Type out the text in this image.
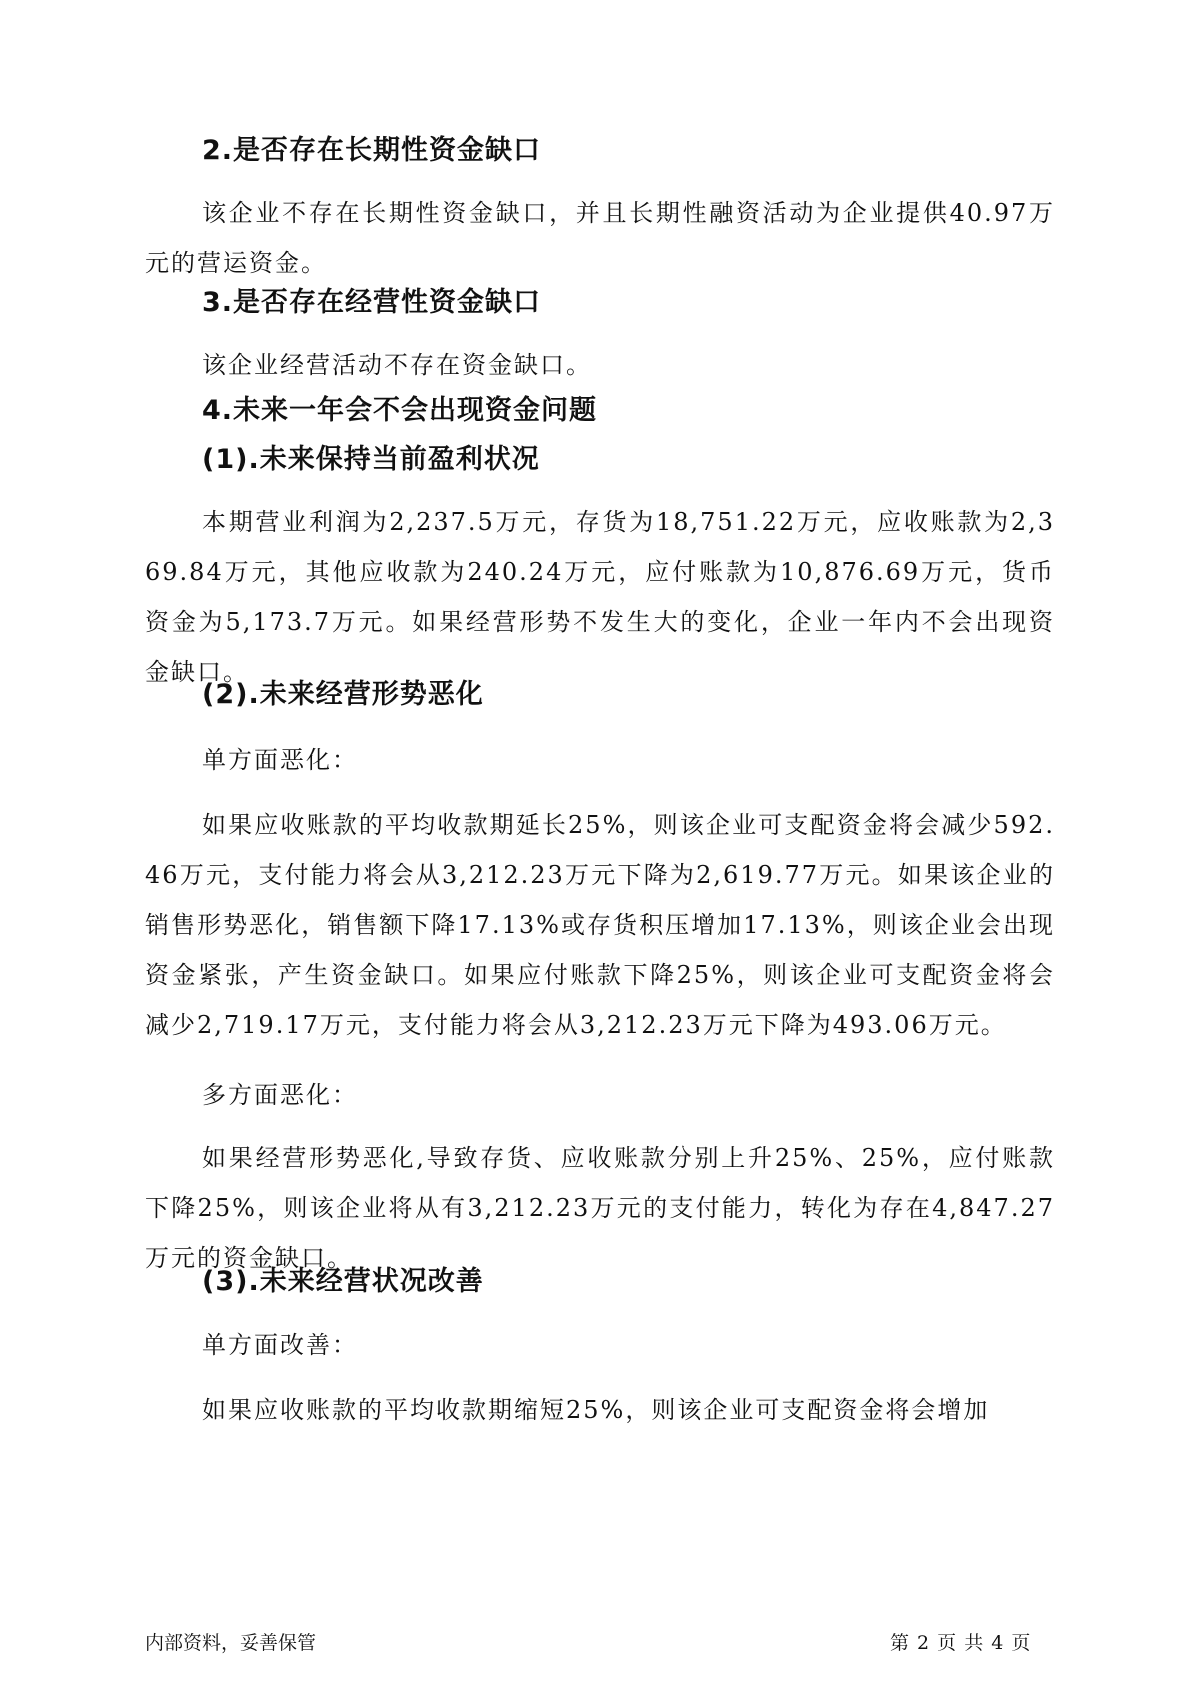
2.是否存在长期性资金缺口
该企业不存在长期性资金缺口，并且长期性融资活动为企业提供40.97万元的营运资金。
3.是否存在经营性资金缺口
该企业经营活动不存在资金缺口。
4.未来一年会不会出现资金问题
(1).未来保持当前盈利状况
本期营业利润为2,237.5万元，存货为18,751.22万元，应收账款为2,369.84万元，其他应收款为240.24万元，应付账款为10,876.69万元，货币资金为5,173.7万元。如果经营形势不发生大的变化，企业一年内不会出现资金缺口。
(2).未来经营形势恶化
单方面恶化：
如果应收账款的平均收款期延长25%，则该企业可支配资金将会减少592.46万元，支付能力将会从3,212.23万元下降为2,619.77万元。如果该企业的销售形势恶化，销售额下降17.13%或存货积压增加17.13%，则该企业会出现资金紧张，产生资金缺口。如果应付账款下降25%，则该企业可支配资金将会减少2,719.17万元，支付能力将会从3,212.23万元下降为493.06万元。
多方面恶化：
如果经营形势恶化,导致存货、应收账款分别上升25%、25%，应付账款下降25%，则该企业将从有3,212.23万元的支付能力，转化为存在4,847.27万元的资金缺口。
(3).未来经营状况改善
单方面改善：
如果应收账款的平均收款期缩短25%，则该企业可支配资金将会增加
内部资料，妥善保管	第 2 页 共 4 页
